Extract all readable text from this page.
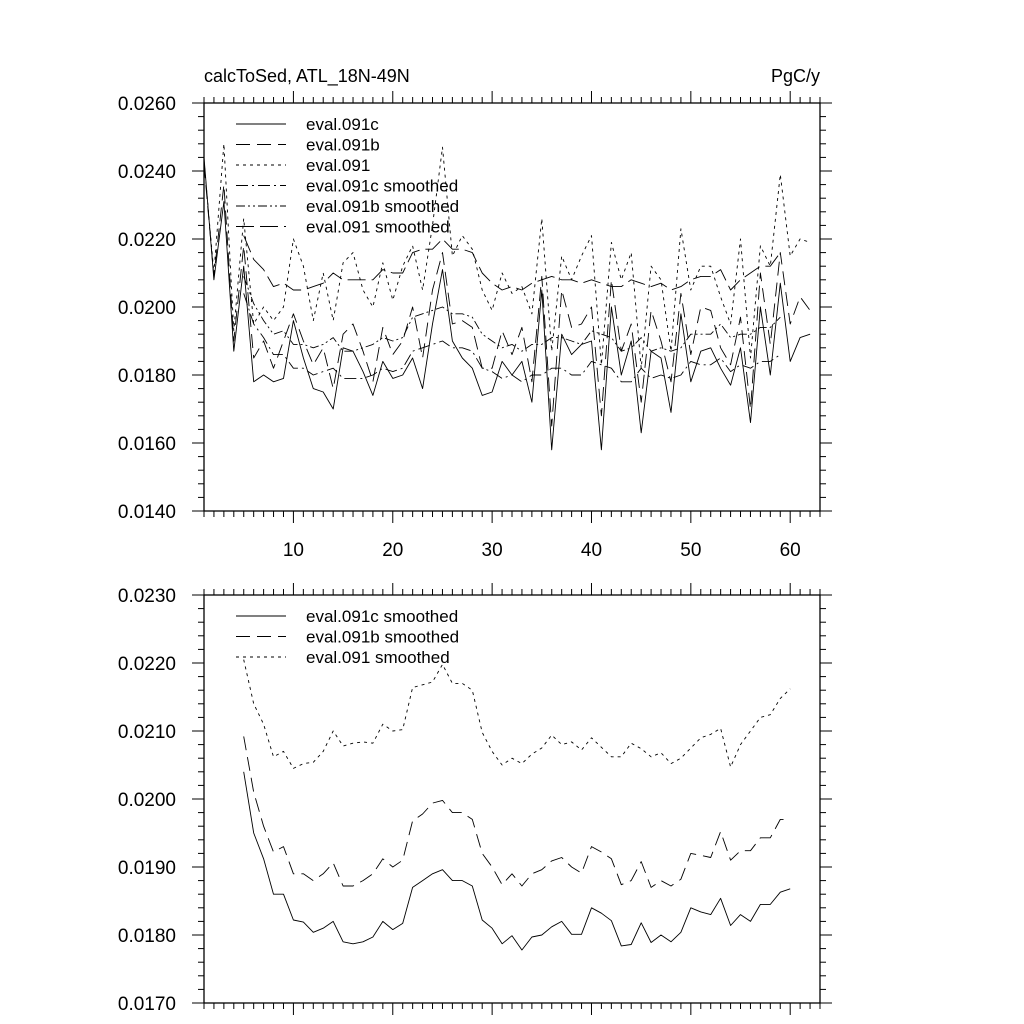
calcToSed, ATL_18N-49N	PgC/y
10	20	30	40	50	60
0.0140
0.0160
0.0180
0.0200
0.0220
0.0240
0.0260
eval.091c
eval.091b
eval.091
eval.091c smoothed
eval.091b smoothed
eval.091 smoothed
0.0170
0.0180
0.0190
0.0200
0.0210
0.0220
0.0230
eval.091c smoothed
eval.091b smoothed
eval.091 smoothed
